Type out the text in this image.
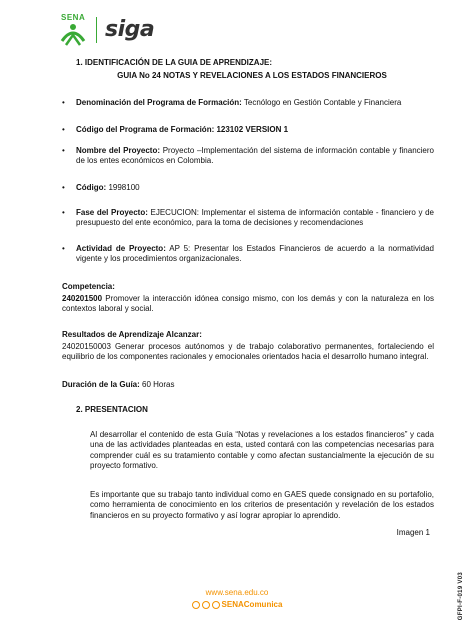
SENA siga
1. IDENTIFICACIÓN DE LA GUIA DE APRENDIZAJE:
GUIA No 24 NOTAS Y REVELACIONES A LOS ESTADOS FINANCIEROS
• Denominación del Programa de Formación: Tecnólogo en Gestión Contable y Financiera
• Código del Programa de Formación: 123102 VERSION 1
• Nombre del Proyecto: Proyecto –Implementación del sistema de información contable y financiero de los entes económicos en Colombia.
• Código: 1998100
• Fase del Proyecto: EJECUCION: Implementar el sistema de información contable - financiero y de presupuesto del ente económico, para la toma de decisiones y recomendaciones
• Actividad de Proyecto: AP 5: Presentar los Estados Financieros de acuerdo a la normatividad vigente y los procedimientos organizacionales.
Competencia:
240201500 Promover la interacción idónea consigo mismo, con los demás y con la naturaleza en los contextos laboral y social.
Resultados de Aprendizaje Alcanzar:
24020150003 Generar procesos autónomos y de trabajo colaborativo permanentes, fortaleciendo el equilibrio de los componentes racionales y emocionales orientados hacia el desarrollo humano integral.
Duración de la Guía: 60 Horas
2. PRESENTACION
Al desarrollar el contenido de esta Guía “Notas y revelaciones a los estados financieros” y cada una de las actividades planteadas en esta, usted contará con las competencias necesarias para comprender cuál es su tratamiento contable y como afectan sustancialmente la ejecución de su proyecto formativo.
Es importante que su trabajo tanto individual como en GAES quede consignado en su portafolio, como herramienta de conocimiento en los criterios de presentación y revelación de los estados financieros en su proyecto formativo y así lograr apropiar lo aprendido.
Imagen 1
www.sena.edu.co
SENAComunica	GFPI-F-019 V03
